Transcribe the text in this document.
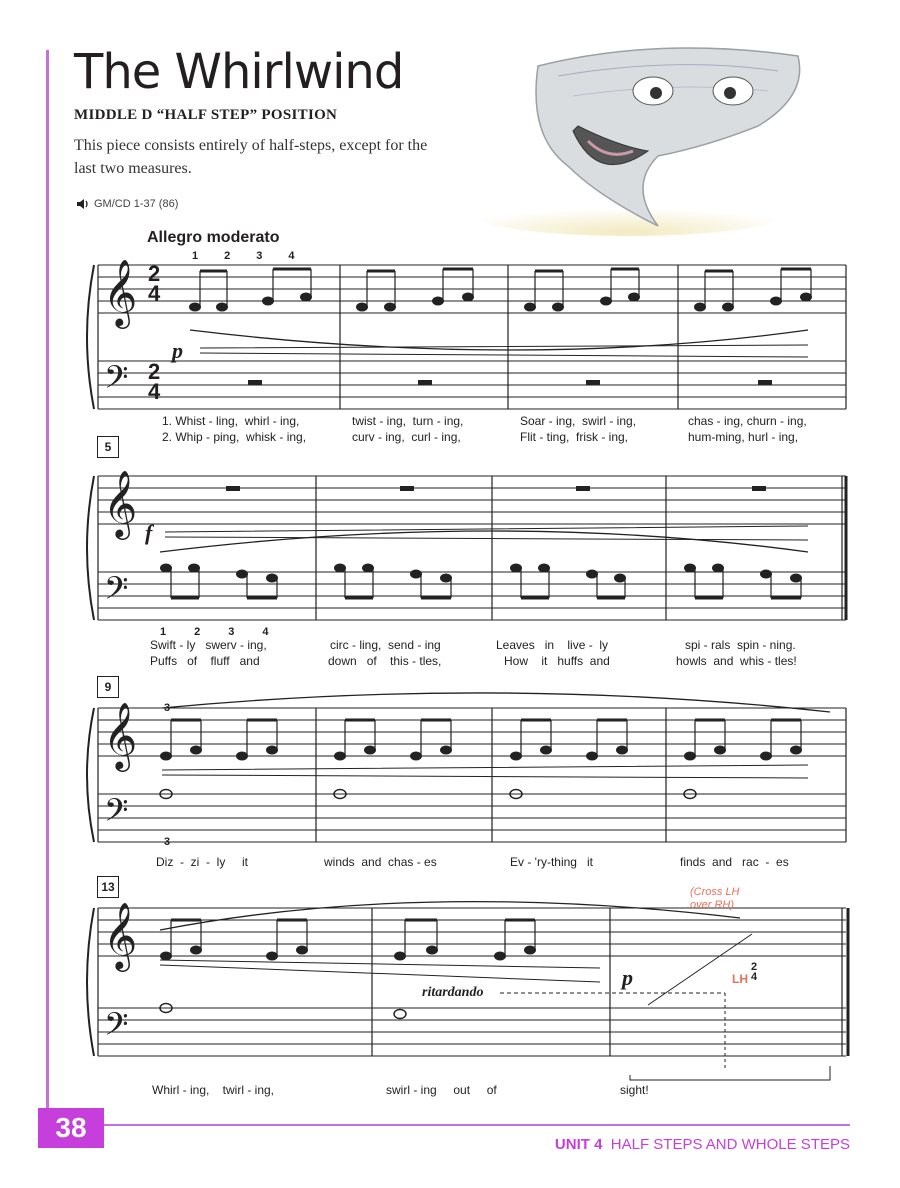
The Whirlwind
MIDDLE D “HALF STEP” POSITION
This piece consists entirely of half-steps, except for the last two measures.
GM/CD 1-37 (86)
Allegro moderato
𝄞
𝄢
𝄞
𝄢
𝄞
𝄢
𝄞
𝄢
5
9
13
p
f
p
ritardando
(Cross LH over RH)
LH
2
4
2
4
2
4
1 2 3 4
1	2	3	4
3
3
1. Whist - ling,  whirl - ing,	twist - ing,  turn - ing,	Soar - ing,  swirl - ing,	chas - ing, churn - ing,
2. Whip - ping,  whisk - ing,	curv - ing,  curl - ing,	Flit - ting,  frisk - ing,	hum-ming, hurl - ing,
Swift - ly   swerv - ing,	circ - ling,  send - ing	Leaves   in    live -  ly	spi - rals  spin - ning.
Puffs   of    fluff   and	down   of    this - tles,	How    it   huffs  and	howls  and  whis - tles!
Diz  -  zi  -  ly     it	winds  and  chas - es	Ev - 'ry-thing   it	finds  and   rac  -  es
Whirl - ing,    twirl - ing,	swirl - ing     out     of	sight!
38
UNIT 4 HALF STEPS AND WHOLE STEPS
